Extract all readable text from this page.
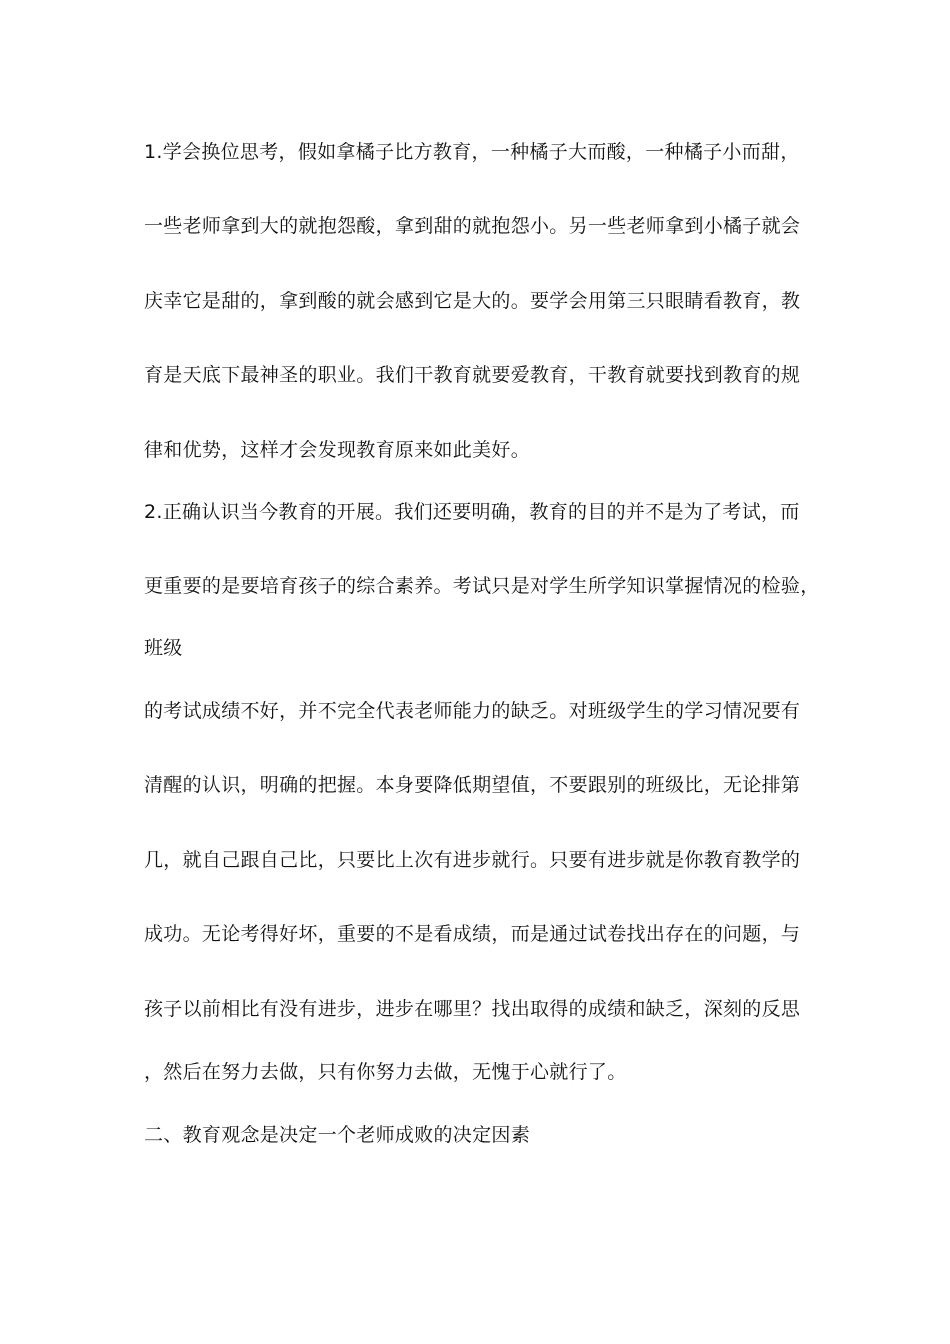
1.学会换位思考，假如拿橘子比方教育，一种橘子大而酸，一种橘子小而甜，
一些老师拿到大的就抱怨酸，拿到甜的就抱怨小。另一些老师拿到小橘子就会
庆幸它是甜的，拿到酸的就会感到它是大的。要学会用第三只眼睛看教育，教
育是天底下最神圣的职业。我们干教育就要爱教育，干教育就要找到教育的规
律和优势，这样才会发现教育原来如此美好。
2.正确认识当今教育的开展。我们还要明确，教育的目的并不是为了考试，而
更重要的是要培育孩子的综合素养。考试只是对学生所学知识掌握情况的检验，
班级
的考试成绩不好，并不完全代表老师能力的缺乏。对班级学生的学习情况要有
清醒的认识，明确的把握。本身要降低期望值，不要跟别的班级比，无论排第
几，就自己跟自己比，只要比上次有进步就行。只要有进步就是你教育教学的
成功。无论考得好坏，重要的不是看成绩，而是通过试卷找出存在的问题，与
孩子以前相比有没有进步，进步在哪里？找出取得的成绩和缺乏，深刻的反思
，然后在努力去做，只有你努力去做，无愧于心就行了。
二、教育观念是决定一个老师成败的决定因素
